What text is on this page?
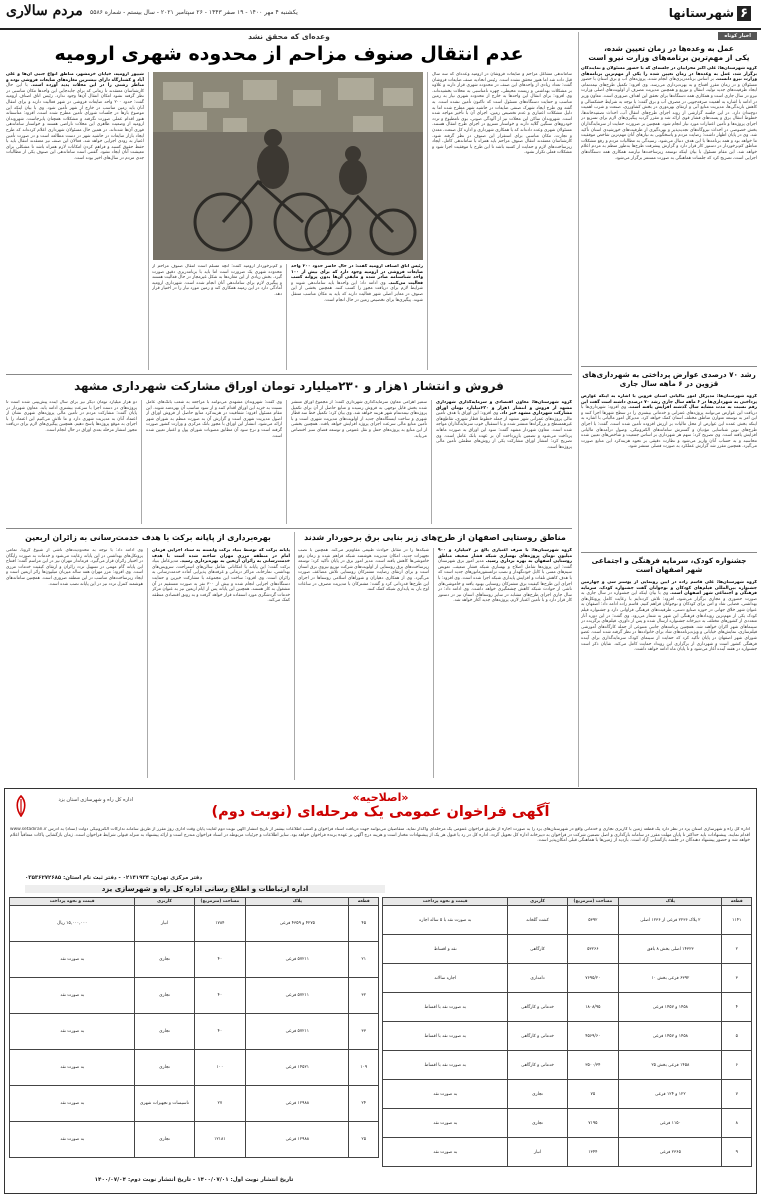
۶
شهرستانها
یکشنبه ۴ مهر ۱۴۰۰ - ۱۹ صفر ۱۴۴۳ - ۲۶ سپتامبر ۲۰۲۱ - سال بیستم - شماره ۵۵۸۶
مردم سالاری
اخبار کوتاه
عمل به وعده‌ها در زمان تعیین شده،
یکی از مهم‌ترین برنامه‌های وزارت نیرو است
گروه شهرستان‌ها: علی اکبر محرابیان در جلسه‌ای که با حضور مسئولان و نمایندگان برگزار شد، عمل به وعده‌ها در زمان تعیین شده را یکی از مهم‌ترین برنامه‌های وزارت نیرو دانست. بر اساس برنامه‌ریزی‌های انجام شده، پروژه‌های آب و برق استان با حضور مسئولان و در زمان مقرر افتتاح و به بهره‌برداری می‌رسد. وی افزود: تکمیل طرح‌های نیمه‌تمام، ایجاد ظرفیت‌های جدید تولید، انتقال و توزیع و همچنین مدیریت مصرف از اولویت‌های اصلی وزارت نیرو در سال جاری است و همکاری همه دستگاه‌ها برای تحقق این اهداف ضروری است. معاون وزیر در ادامه با اشاره به اهمیت صرفه‌جویی در مصرف آب و برق گفت: با توجه به شرایط خشکسالی و کاهش بارندگی‌ها، مدیریت منابع آبی و ارتقای بهره‌وری در بخش کشاورزی، صنعت و شرب اهمیت دوچندان دارد. در این جلسه گزارشی از روند اجرای طرح‌های انتقال آب، احداث تصفیه‌خانه‌ها، خطوط انتقال برق و پست‌های فشار قوی ارائه شد و مقرر گردید پیگیری‌های لازم برای تسریع در اجرای پروژه‌ها و تأمین اعتبارات مورد نیاز انجام شود. همچنین بر ضرورت حمایت از سرمایه‌گذاران بخش خصوصی در احداث نیروگاه‌های تجدیدپذیر و بهره‌گیری از ظرفیت‌های خورشیدی استان تأکید شد. وی در پایان اظهار داشت: رضایت مردم و پاسخگویی به نیازهای آنان مهم‌ترین شاخص موفقیت ما خواهد بود و همه برنامه‌ها با این هدف دنبال می‌شود. رسیدگی به مطالبات مردم و رفع مشکلات مناطق کم‌برخوردار در دستور کار قرار دارد و گزارش پیشرفت طرح‌ها به‌طور منظم به مردم اعلام خواهد شد. این مقام مسئول با بیان اینکه توسعه زیرساخت‌ها نیازمند همکاری همه دستگاه‌های اجرایی است، تصریح کرد که جلسات هماهنگی به صورت مستمر برگزار می‌شود.
رشد ۷۰ درصدی عوارض پرداختی به شهرداری‌های
قزوین در ۶ ماهه سال جاری
گروه شهرستان‌ها: مدیرکل امور مالیاتی استان قزوین با اشاره به اینکه عوارض پرداختی به شهرداری‌ها در ۶ ماهه سال جاری رشد ۷۰ درصدی داشته است گفت این رقم نسبت به مدت مشابه سال گذشته افزایش یافته است. وی افزود: شهرداری‌ها با دریافت این عوارض می‌توانند پروژه‌های عمرانی و خدماتی بیشتری را در سطح شهرها اجرا کنند و این امر به توسعه متوازن مناطق مختلف استان کمک خواهد کرد. مدیرکل امور مالیاتی با اشاره به اینکه بخش عمده این عوارض از محل مالیات بر ارزش افزوده تأمین شده است، گفت: با اجرای طرح‌های نوین شناسایی مؤدیان و گسترش سامانه‌های الکترونیکی، وصول درآمدهای مالیاتی افزایش یافته است. وی تصریح کرد: سهم هر شهرداری بر اساس جمعیت و شاخص‌های تعیین شده محاسبه و به حساب آنان واریز می‌شود و نظارت دقیقی بر نحوه هزینه‌کرد این منابع صورت می‌گیرد. همچنین مقرر شد گزارش عملکرد به صورت فصلی منتشر شود.
جشنواره کودک، سرمایه فرهنگی و اجتماعی
شهر اصفهان است
گروه شهرستان‌ها: علی قاسم زاده در آیین رونمایی از پوستر سی و چهارمین جشنواره بین‌المللی فیلم‌های کودکان و نوجوانان گفت جشنواره کودک، سرمایه فرهنگی و اجتماعی شهر اصفهان است. وی با بیان اینکه این جشنواره در سال جاری به صورت حضوری و مجازی برگزار می‌شود، افزود: تلاش کرده‌ایم با رعایت کامل پروتکل‌های بهداشتی، فضایی شاد و امن برای کودکان و نوجوانان فراهم کنیم. قاسم زاده ادامه داد: اصفهان به عنوان شهر خلاق جهانی در حوزه صنایع دستی، ظرفیت‌های فرهنگی فراوانی دارد و جشنواره فیلم کودک یکی از مهم‌ترین رویدادهای فرهنگی این شهر به شمار می‌رود. وی گفت: در این دوره آثار متعددی از کشورهای مختلف به دبیرخانه جشنواره ارسال شده و پس از داوری، فیلم‌های برگزیده در سینماهای شهر اکران خواهند شد. همچنین برنامه‌های جانبی متنوعی از جمله کارگاه‌های آموزشی فیلم‌سازی، نمایش‌های خیابانی و ویژه‌برنامه‌های شاد برای خانواده‌ها در نظر گرفته شده است. عضو شورای شهر اصفهان در پایان تأکید کرد که حمایت از سینمای کودک سرمایه‌گذاری برای آینده فرهنگی کشور است و شهرداری از برگزاری این رویداد حمایت کامل می‌کند. شایان ذکر است جشنواره در هفته آینده آغاز می‌شود و تا پایان ماه ادامه خواهد داشت.
وعده‌ای که محقق نشد
عدم انتقال صنوف مزاحم از محدوده شهری ارومیه
ساماندهی مشاغل مزاحم و ضایعات فروشان در ارومیه وعده‌ای که سه سال قبل داده شد اما هنوز محقق نشده است. رئیس اتحادیه صنف ضایعات فروشان گفت: تعداد زیادی از واحدهای این صنف در محدوده شهری قرار دارند و علاوه بر مشکلات بهداشتی و زیست محیطی، چهره نامناسبی به محلات بخشیده‌اند. وی افزود: برای انتقال این واحدها به خارج از محدوده شهری نیاز به زمین مناسب و حمایت دستگاه‌های مسئول است که تاکنون تأمین نشده است. به گفته وی طرح ایجاد شهرک صنفی ضایعات در حاشیه شهر مطرح شده اما به دلیل مشکلات اعتباری و عدم تخصیص زمین، اجرای آن با تأخیر مواجه شده است. شهروندان ساکن این محلات نیز از آلودگی صوتی، بوی نامطبوع و تردد خودروهای سنگین گلایه دارند و خواستار تسریع در اجرای طرح انتقال هستند. مسئولان شهری وعده داده‌اند که با همکاری شهرداری و اداره کل صنعت، معدن و تجارت، مکان مناسبی برای استقرار این صنوف در نظر گرفته شود. کارشناسان معتقدند انتقال صنوف مزاحم باید همراه با ساماندهی کامل، ایجاد زیرساخت‌های لازم و حمایت از کسبه باشد تا این طرح با موفقیت اجرا شود و مشکلات فعلی تکرار نشود.
رئیس اتاق اصناف ارومیه گفت: در حال حاضر حدود ۲۰۰ واحد ضایعات فروشی در ارومیه وجود دارد که برای بیش از ۱۰۰ واحد شناسنامه صادر شده و مابقی آن‌ها بدون پروانه کسب فعالیت می‌کنند. وی ادامه داد: این واحدها باید ساماندهی شوند و شرایط لازم برای دریافت مجوز را کسب کنند. همچنین بخشی از این صنوف در معابر اصلی شهر فعالیت دارند که باید به مکان مناسب منتقل شوند. پیگیری‌ها برای تخصیص زمین در حال انجام است.
و کم‌برخوردار ارومیه گفت: آنچه مسلم است انتقال صنوف مزاحم از محدوده شهری یک ضرورت است اما باید با برنامه‌ریزی دقیق صورت گیرد. بخش زیادی از این مغازه‌ها به شکل غیرمجاز در حال فعالیت هستند و پیگیری لازم برای ساماندهی آنان انجام شده است. شهرداری ارومیه آمادگی دارد در این زمینه همکاری کند و زمین مورد نیاز را در اختیار قرار دهد.
شیپور ارومیه، خیابان خرمشهر، مناطق انواع جنبی آن‌ها و علی آباد و کشتارگاه دارای بیشترین مغازه‌های ضایعات فروشی بوده و مناظر زشتی را در این محلات پدید آورده است. با این حال کارشناسان معتقدند تا زمانی که برای جابه‌جایی این واحدها مکان مناسبی در نظر گرفته نشود امکان انتقال آن‌ها وجود ندارد. رئیس اتاق اصناف ارومیه گفت: حدود ۲۰۰ واحد ضایعات فروشی در شهر فعالیت دارند و برای انتقال آنان باید زمین مناسب در خارج از شهر تأمین شود. وی با بیان اینکه این موضوع بارها در جلسات شورای تأمین مطرح شده است، افزود: متأسفانه هنوز اقدام عملی صورت نگرفته و مشکلات همچنان پابرجاست. شهروندان ارومیه از وضعیت ظاهری این محلات ناراضی هستند و خواستار ساماندهی فوری آن‌ها شده‌اند. در همین حال مسئولان شهرداری اعلام کرده‌اند که طرح ایجاد بازار ضایعات در حاشیه شهر در دست مطالعه است و در صورت تأمین اعتبار به زودی اجرایی خواهد شد. فعالان این صنف نیز معتقدند انتقال باید با حفظ حقوق کسبه و فراهم کردن امکانات لازم همراه باشد تا مشکلی برای معیشت آنان ایجاد نشود. گفتنی است ساماندهی این صنوف یکی از مطالبات جدی مردم در سال‌های اخیر بوده است.
فروش و انتشار ۱هزار و ۲۳۰میلیارد تومان اوراق مشارکت شهرداری مشهد
گروه شهرستان‌ها: معاون اقتصادی و سرمایه‌گذاری شهرداری مشهد از فروش و انتشار ۱هزار و ۲۳۰میلیارد تومان اوراق مشارکت شهرداری مشهد خبر داد. وی افزود: این اوراق با هدف تأمین مالی پروژه‌های عمرانی شهر مشهد از جمله خطوط قطار شهری، تقاطع‌های غیرهمسطح و بزرگراه‌ها منتشر شده و با استقبال خوب سرمایه‌گذاران مواجه شده است. معاون شهردار مشهد گفت: سود این اوراق به صورت ماهانه پرداخت می‌شود و تضمین بازپرداخت آن بر عهده بانک عامل است. وی تصریح کرد: انتشار اوراق مشارکت یکی از روش‌های مطمئن تأمین مالی پروژه‌ها است.
سمیر اهرامی معاون سرمایه‌گذاری شهرداری گفت: از مجموع اوراق منتشر شده بخش قابل توجهی به فروش رسیده و منابع حاصل از آن برای تکمیل پروژه‌های نیمه‌تمام شهر هزینه خواهد شد. وی بیان کرد: تکمیل خط سه قطار شهری و ساخت ایستگاه‌های جدید از اولویت‌های مدیریت شهری است و با تأمین منابع مالی سرعت اجرای پروژه افزایش خواهد یافت. همچنین بخشی از این منابع به پروژه‌های حمل و نقل عمومی و توسعه فضای سبز اختصاص می‌یابد.
وی گفت: شهروندان مشهدی می‌توانند با مراجعه به شعب بانک‌های عامل نسبت به خرید این اوراق اقدام کنند و از سود مناسب آن بهره‌مند شوند. این مقام مسئول افزود: شفافیت در هزینه‌کرد منابع حاصل از فروش اوراق از اصول مدیریت شهری است و گزارش آن به صورت منظم به شورای شهر ارائه می‌شود. انتشار این اوراق با مجوز بانک مرکزی و وزارت کشور صورت گرفته است و نرخ سود آن مطابق مصوبات شورای پول و اعتبار تعیین شده است.
دو هزار میلیارد تومان دیگر نیز برای سال آینده پیش‌بینی شده است تا پروژه‌های در دست اجرا با سرعت بیشتری ادامه یابد. معاون شهردار در پایان گفت: مشارکت مردم در تأمین مالی پروژه‌های شهری نشان از اعتماد آنان به مدیریت شهری دارد و ما تلاش می‌کنیم این اعتماد را با اجرای به موقع پروژه‌ها پاسخ دهیم. همچنین پیگیری‌های لازم برای دریافت مجوز انتشار مرحله بعدی اوراق در حال انجام است.
مناطق روستایی اصفهان از طرح‌های زیر بنایی برق برخوردار شدند
گروه شهرستان‌ها: با صرف اعتباری بالغ بر ۲میلیارد و ۹۰۰ میلیون تومان پروژه‌های بهسازی شبکه فشار ضعیف مناطق روستایی اصفهان به بهره برداری رسید. مدیر امور برق شهرستان گفت: این پروژه‌ها شامل اصلاح و بهسازی شبکه فشار ضعیف، تعویض سیم‌های مسی با کابل خودنگهدار و نصب ترانسفورماتورهای جدید است که با هدف کاهش تلفات و افزایش پایداری شبکه اجرا شده است. وی افزود: با اجرای این طرح‌ها کیفیت برق مشترکان روستایی بهبود یافته و خاموشی‌های ناشی از حوادث شبکه کاهش چشمگیری خواهد داشت. وی ادامه داد: در سال جاری اجرای طرح‌های مشابه در سایر روستاهای استان نیز در دستور کار قرار دارد و با تأمین اعتبار لازم، پروژه‌های جدید آغاز خواهد شد.
شبکه‌ها را در مقابل حوادث طبیعی مقاوم‌تر می‌کند. همچنین با نصب تجهیزات جدید، امکان مدیریت هوشمند شبکه فراهم شده و زمان رفع خاموشی‌ها کاهش یافته است. مدیر امور برق در پایان تأکید کرد: توسعه زیرساخت‌های برق روستایی از اولویت‌های شرکت توزیع نیروی برق استان است و برای ارتقای رضایت مشترکان روستایی تلاش مضاعف صورت می‌گیرد. وی از همکاری دهیاران و شوراهای اسلامی روستاها در اجرای این طرح‌ها قدردانی کرد و گفت: مشترکان با مدیریت مصرف در ساعات اوج بار، به پایداری شبکه کمک کنند.
بهره‌برداری از پایانه برکت با هدف خدمت‌رسانی به زائران اربعین
پایانه برکت که توسط بنیاد برکت وابسته به ستاد اجرایی فرمان امام در منطقه مرزی مهران ساخته شده است با هدف خدمت‌رسانی به زائران اربعین به بهره‌برداری رسید. مدیرعامل بنیاد برکت گفت: این پایانه با امکاناتی شامل سالن‌های استراحت، سرویس‌های بهداشتی، نمازخانه، مراکز درمانی و غرفه‌های پذیرایی آماده خدمت‌رسانی به زائران است. وی افزود: ساخت این مجموعه با مشارکت خیرین و حمایت دستگاه‌های اجرایی انجام شده و بیش از ۳۰۰ نفر به صورت مستقیم در آن مشغول به کار هستند. همچنین این پایانه پس از ایام اربعین نیز به عنوان مرکز خدمات گردشگری مورد استفاده قرار خواهد گرفت و به رونق اقتصادی منطقه کمک می‌کند.
وی ادامه داد: با توجه به محدودیت‌های ناشی از شیوع کرونا، تمامی پروتکل‌های بهداشتی در این پایانه رعایت می‌شود و خدمات به صورت رایگان در اختیار زائران قرار می‌گیرد. فرماندار مهران نیز در این مراسم گفت: افتتاح این پایانه گام مهمی در تسهیل تردد زائران و ارتقای کیفیت خدمات مرزی است. وی افزود: مرز مهران همه ساله میزبان میلیون‌ها زائر اربعین است و ایجاد زیرساخت‌های مناسب در این منطقه ضروری است. همچنین سامانه‌های هوشمند کنترل تردد نیز در این پایانه نصب شده است.
اداره کل راه و شهرسازی استان یزد	«اصلاحیه»
آگهی فراخوان عمومی یک مرحله‌ای (نوبت دوم)
اداره کل راه و شهرسازی استان یزد در نظر دارد یک قطعه زمین با کاربری تجاری و خدماتی واقع در شهرستان‌های یزد را به صورت اجاره از طریق فراخوان عمومی یک مرحله‌ای واگذار نماید. متقاضیان می‌توانند جهت دریافت اسناد فراخوان و کسب اطلاعات بیشتر از تاریخ انتشار آگهی نوبت دوم لغایت پایان وقت اداری روز مقرر از طریق سامانه تدارکات الکترونیکی دولت (ستاد) به آدرس www.setadiran.ir اقدام نمایند. پیشنهادات باید حداکثر تا پایان مهلت مقرر در سامانه بارگذاری و اصل تضمین شرکت در فراخوان به دبیرخانه اداره کل تحویل گردد. اداره کل در رد یا قبول هر یک از پیشنهادات مختار است و هزینه درج آگهی بر عهده برنده فراخوان خواهد بود. سایر اطلاعات و جزئیات مربوطه در اسناد فراخوان مندرج است و ارائه پیشنهاد به منزله قبولی شرایط فراخوان است. زمان بازگشایی پاکات متعاقباً اعلام خواهد شد و حضور پیشنهاد دهندگان در جلسه بازگشایی آزاد است. بازدید از زمین‌ها با هماهنگی قبلی امکان‌پذیر است.
دفتر مرکزی تهران: ۰۲۱۴۱۹۳۴ - دفتر ثبت نام استان: ۰۳۵۳۶۲۷۲۶۸۵
اداره ارتباطات و اطلاع رسانی اداره کل راه و شهرسازی یزد
قطعه	پلاک	مساحت (مترمربع)	کاربری	قیمت و نحوه پرداخت
۱۱۴۱	۲ پلاک ۲۲۳۶ فرعی از ۱۲۳۶ اصلی	۵۳۹۲	کشت گلخانه	به صورت نقد با ۵ ساله اجاره
۲	۱۴۳۲۳ اصلی بخش ۸ بافق	۵۳۲۶۶	کارگاهی	نقد و اقساط
۳	۶۳۹۲ فرعی بخش ۱۰	۷۶۹۵/۲۰	دامداری	اجاره سالانه
۴	۱۴۵۸ و ۱۴۵۷ فرعی	۱۸۰۸/۹۵	خدماتی و کارگاهی	به صورت نقد با اقساط
۵	۱۴۵۸ و ۱۴۵۷ فرعی	۴۵۶۹/۶۰	خدماتی و کارگاهی	به صورت نقد با اقساط
۶	۱۴۵۸ فرعی بخش ۲۵	۳۵۰۰/۳۴	خدماتی و کارگاهی	به صورت نقد با اقساط
۷	۱۲۲ و ۱۲۴ فرعی	۷۵	تجاری	به صورت نقد
۸	۱۱۵۰ فرعی	۷۱۹۵	تجاری	به صورت نقد
۹	۲۳۶۵ فرعی	۱۳۴۴	انبار	به صورت نقد
قطعه	پلاک	مساحت (مترمربع)	کاربری	قیمت و نحوه پرداخت
۴۵	۴۲۷۵ و ۴۳۵۹ فرعی	۱۷۸۴	انبار	۱۵,۰۰۰,۰۰۰ ریال
۲۱	۵۷۲۱۱ فرعی	۴۰	تجاری	به صورت نقد
۳۲	۵۷۲۱۱ فرعی	۴۰	تجاری	به صورت نقد
۳۳	۵۷۲۱۱ فرعی	۴۰	تجاری	به صورت نقد
۱۰۹	۱۴۵۲۱ فرعی	۱۰۰	تجاری	به صورت نقد
۲۴	۱۲۹۸۸ فرعی	۲۷	تاسیسات و تجهیزات شهری	به صورت نقد
۲۵	۱۲۹۸۸ فرعی	۱۲۱۸۱	تجاری	به صورت نقد
تاریخ انتشار نوبت اول: ۱۴۰۰/۰۷/۰۱ - تاریخ انتشار نوبت دوم: ۱۴۰۰/۰۷/۰۴
